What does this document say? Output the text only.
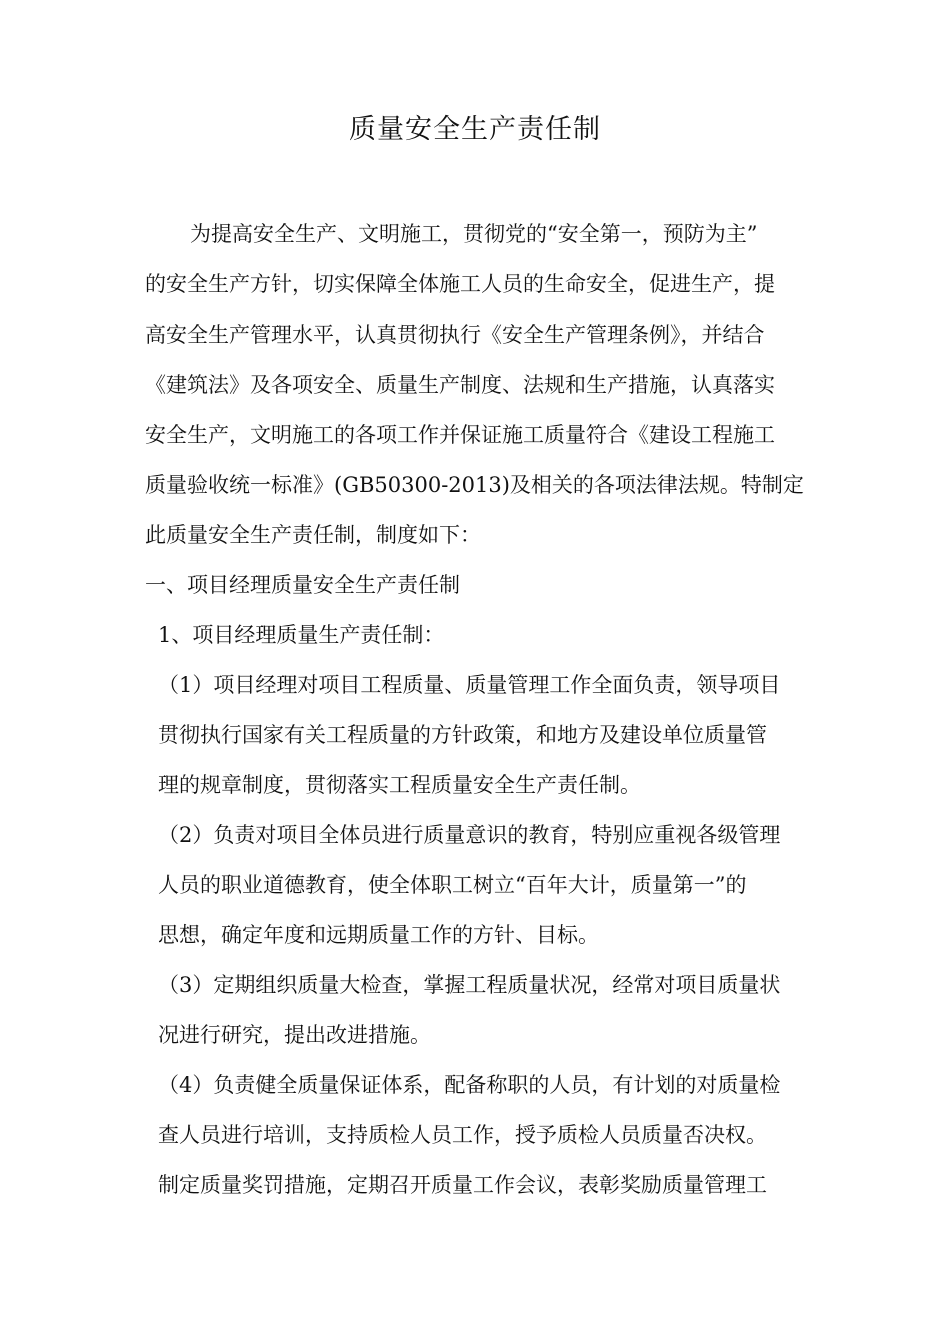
质量安全生产责任制

为提高安全生产、文明施工，贯彻党的“安全第一，预防为主”

的安全生产方针，切实保障全体施工人员的生命安全，促进生产，提

高安全生产管理水平，认真贯彻执行《安全生产管理条例》，并结合

《建筑法》及各项安全、质量生产制度、法规和生产措施，认真落实

安全生产，文明施工的各项工作并保证施工质量符合《建设工程施工

质量验收统一标准》(GB50300-2013)及相关的各项法律法规。特制定

此质量安全生产责任制，制度如下：

一、项目经理质量安全生产责任制

1、项目经理质量生产责任制：

（1）项目经理对项目工程质量、质量管理工作全面负责，领导项目

贯彻执行国家有关工程质量的方针政策，和地方及建设单位质量管

理的规章制度，贯彻落实工程质量安全生产责任制。

（2）负责对项目全体员进行质量意识的教育，特别应重视各级管理

人员的职业道德教育，使全体职工树立“百年大计，质量第一”的

思想，确定年度和远期质量工作的方针、目标。

（3）定期组织质量大检查，掌握工程质量状况，经常对项目质量状

况进行研究，提出改进措施。

（4）负责健全质量保证体系，配备称职的人员，有计划的对质量检

查人员进行培训，支持质检人员工作，授予质检人员质量否决权。

制定质量奖罚措施，定期召开质量工作会议，表彰奖励质量管理工
